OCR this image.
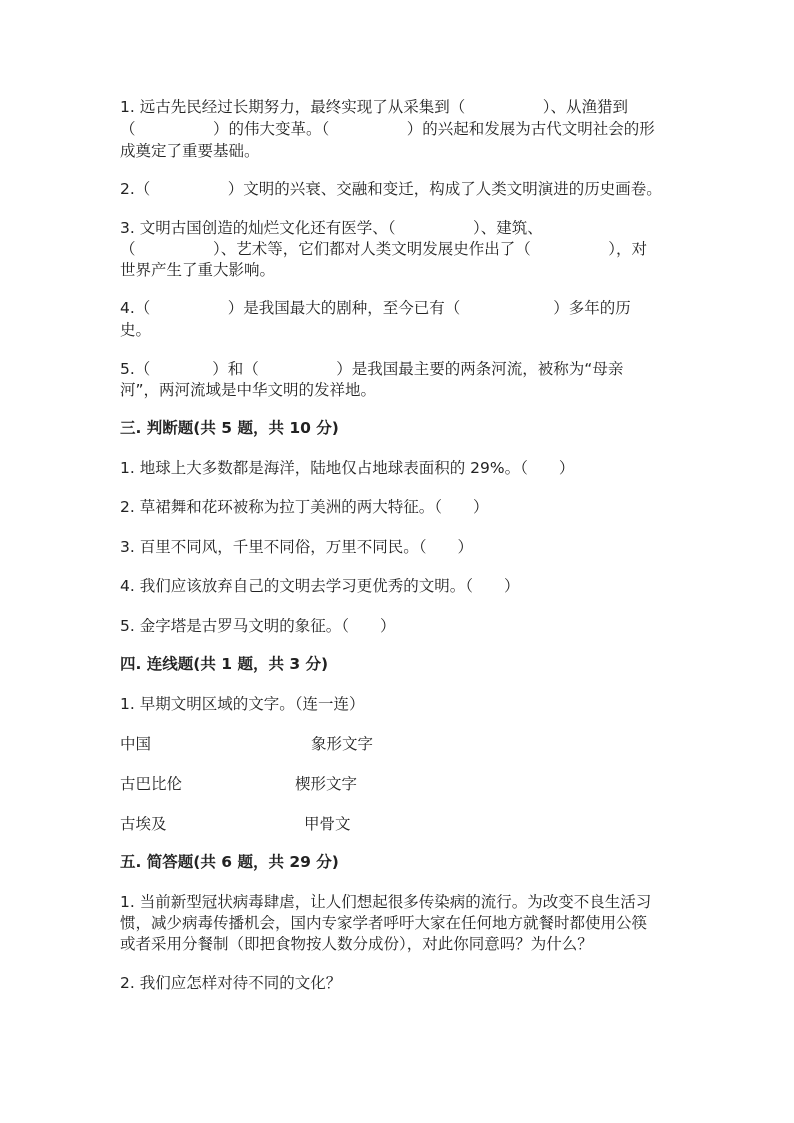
1. 远古先民经过长期努力，最终实现了从采集到（　　　　　）、从渔猎到
（　　　　　）的伟大变革。（　　　　　）的兴起和发展为古代文明社会的形
成奠定了重要基础。
2.（　　　　　）文明的兴衰、交融和变迁，构成了人类文明演进的历史画卷。
3. 文明古国创造的灿烂文化还有医学、（　　　　　）、建筑、
（　　　　　）、艺术等，它们都对人类文明发展史作出了（　　　　　），对
世界产生了重大影响。
4.（　　　　　）是我国最大的剧种，至今已有（　　　　　　）多年的历
史。
5.（　　　　）和（　　　　　）是我国最主要的两条河流，被称为“母亲
河”，两河流域是中华文明的发祥地。
三. 判断题(共 5 题，共 10 分)
1. 地球上大多数都是海洋，陆地仅占地球表面积的 29%。（　　）
2. 草裙舞和花环被称为拉丁美洲的两大特征。（　　）
3. 百里不同风，千里不同俗，万里不同民。（　　）
4. 我们应该放弃自己的文明去学习更优秀的文明。（　　）
5. 金字塔是古罗马文明的象征。（　　）
四. 连线题(共 1 题，共 3 分)
1. 早期文明区域的文字。（连一连）
中国	象形文字
古巴比伦	楔形文字
古埃及	甲骨文
五. 简答题(共 6 题，共 29 分)
1. 当前新型冠状病毒肆虐，让人们想起很多传染病的流行。为改变不良生活习
惯，减少病毒传播机会，国内专家学者呼吁大家在任何地方就餐时都使用公筷
或者采用分餐制（即把食物按人数分成份），对此你同意吗？为什么？
2. 我们应怎样对待不同的文化？
